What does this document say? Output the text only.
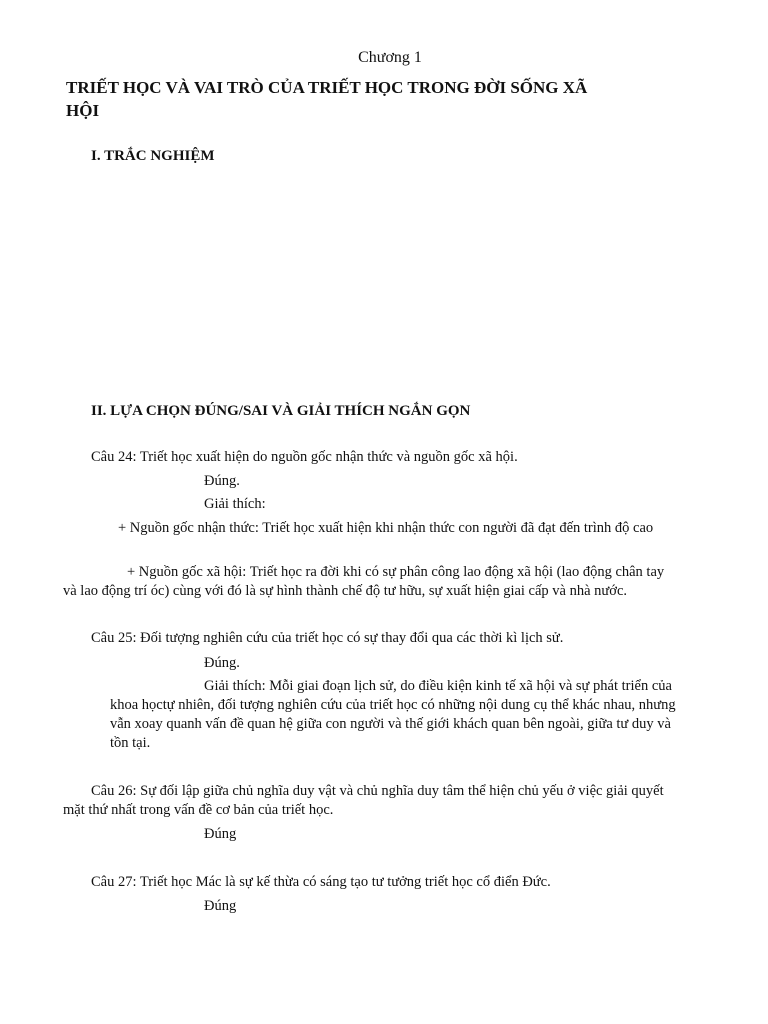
Chương 1
TRIẾT HỌC VÀ VAI TRÒ CỦA TRIẾT HỌC TRONG ĐỜI SỐNG XÃ
HỘI
I. TRẮC NGHIỆM
II. LỰA CHỌN ĐÚNG/SAI VÀ GIẢI THÍCH NGẮN GỌN
Câu 24: Triết học xuất hiện do nguồn gốc nhận thức và nguồn gốc xã hội.
Đúng.
Giải thích:
+ Nguồn gốc nhận thức: Triết học xuất hiện khi nhận thức con người đã đạt đến trình độ cao
+ Nguồn gốc xã hội: Triết học ra đời khi có sự phân công lao động xã hội (lao động chân tay
và lao động trí óc) cùng với đó là sự hình thành chế độ tư hữu, sự xuất hiện giai cấp và nhà nước.
Câu 25: Đối tượng nghiên cứu của triết học có sự thay đổi qua các thời kì lịch sử.
Đúng.
Giải thích: Mỗi giai đoạn lịch sử, do điều kiện kinh tế xã hội và sự phát triển của
khoa họctự nhiên, đối tượng nghiên cứu của triết học có những nội dung cụ thể khác nhau, nhưng
vẫn xoay quanh vấn đề quan hệ giữa con người và thế giới khách quan bên ngoài, giữa tư duy và
tồn tại.
Câu 26: Sự đối lập giữa chủ nghĩa duy vật và chủ nghĩa duy tâm thể hiện chủ yếu ở việc giải quyết
mặt thứ nhất trong vấn đề cơ bản của triết học.
Đúng
Câu 27: Triết học Mác là sự kế thừa có sáng tạo tư tưởng triết học cổ điển Đức.
Đúng
